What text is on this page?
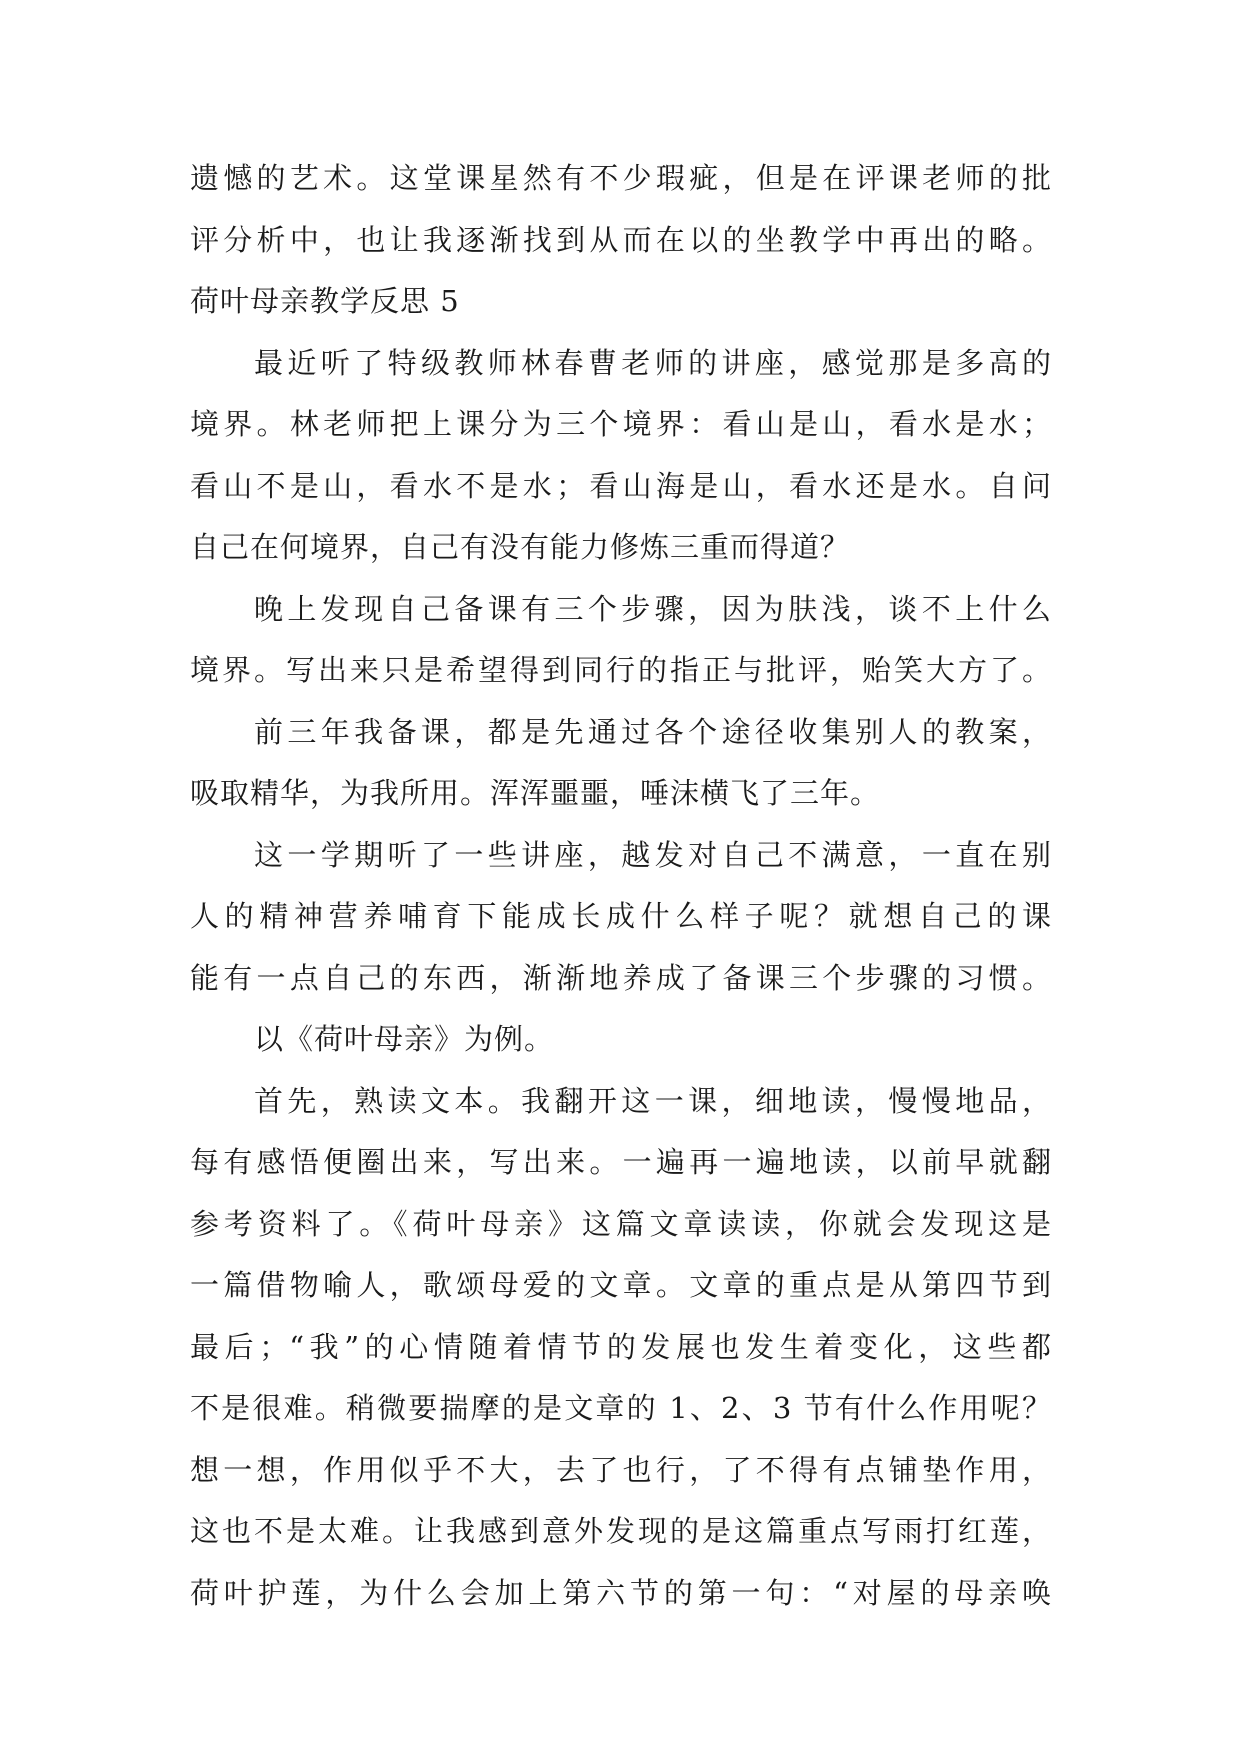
遗憾的艺术。这堂课星然有不少瑕疵，但是在评课老师的批
评分析中，也让我逐渐找到从而在以的坐教学中再出的略。
荷叶母亲教学反思 5
最近听了特级教师林春曹老师的讲座，感觉那是多高的
境界。林老师把上课分为三个境界：看山是山，看水是水；
看山不是山，看水不是水；看山海是山，看水还是水。自问
自己在何境界，自己有没有能力修炼三重而得道？
晚上发现自己备课有三个步骤，因为肤浅，谈不上什么
境界。写出来只是希望得到同行的指正与批评，贻笑大方了。
前三年我备课，都是先通过各个途径收集别人的教案，
吸取精华，为我所用。浑浑噩噩，唾沫横飞了三年。
这一学期听了一些讲座，越发对自己不满意，一直在别
人的精神营养哺育下能成长成什么样子呢？就想自己的课
能有一点自己的东西，渐渐地养成了备课三个步骤的习惯。
以《荷叶母亲》为例。
首先，熟读文本。我翻开这一课，细地读，慢慢地品，
每有感悟便圈出来，写出来。一遍再一遍地读，以前早就翻
参考资料了。《荷叶母亲》这篇文章读读，你就会发现这是
一篇借物喻人，歌颂母爱的文章。文章的重点是从第四节到
最后；“我”的心情随着情节的发展也发生着变化，这些都
不是很难。稍微要揣摩的是文章的 1、2、3 节有什么作用呢？
想一想，作用似乎不大，去了也行，了不得有点铺垫作用，
这也不是太难。让我感到意外发现的是这篇重点写雨打红莲，
荷叶护莲，为什么会加上第六节的第一句：“对屋的母亲唤
